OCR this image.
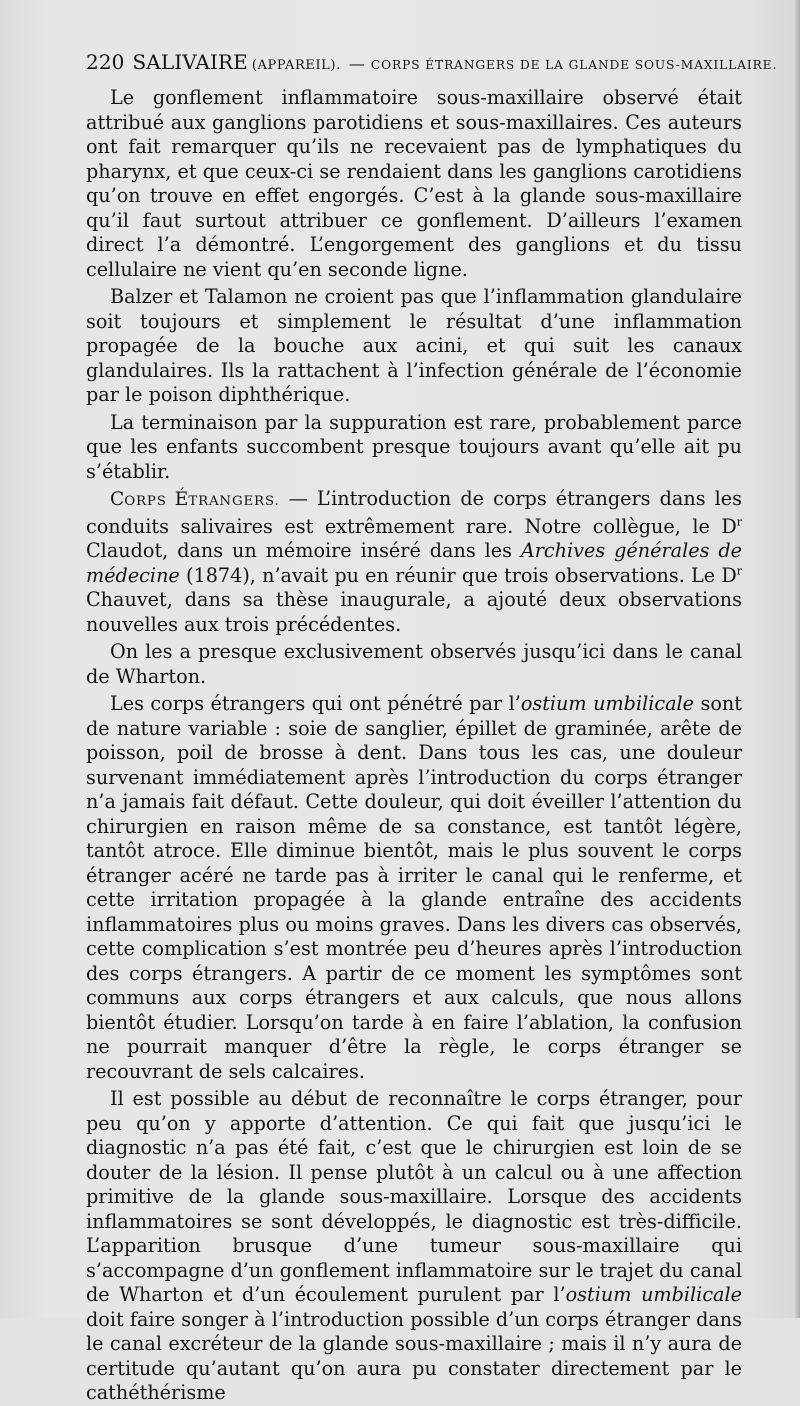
220 SALIVAIRE (APPAREIL). — CORPS ÉTRANGERS DE LA GLANDE SOUS-MAXILLAIRE.

Le gonflement inflammatoire sous-maxillaire observé était attribué aux ganglions parotidiens et sous-maxillaires. Ces auteurs ont fait remarquer qu’ils ne recevaient pas de lymphatiques du pharynx, et que ceux-ci se rendaient dans les ganglions carotidiens qu’on trouve en effet engorgés. C’est à la glande sous-maxillaire qu’il faut surtout attribuer ce gonflement. D’ailleurs l’examen direct l’a démontré. L’engorgement des ganglions et du tissu cellulaire ne vient qu’en seconde ligne.

Balzer et Talamon ne croient pas que l’inflammation glandulaire soit toujours et simplement le résultat d’une inflammation propagée de la bouche aux acini, et qui suit les canaux glandulaires. Ils la rattachent à l’infection générale de l’économie par le poison diphthérique.

La terminaison par la suppuration est rare, probablement parce que les enfants succombent presque toujours avant qu’elle ait pu s’établir.

CORPS ÉTRANGERS. — L’introduction de corps étrangers dans les conduits salivaires est extrêmement rare. Notre collègue, le $D^r$ Claudot, dans un mémoire inséré dans les Archives générales de médecine (1874), n’avait pu en réunir que trois observations. Le $D^r$ Chauvet, dans sa thèse inaugurale, a ajouté deux observations nouvelles aux trois précédentes.

On les a presque exclusivement observés jusqu’ici dans le canal de Wharton.

Les corps étrangers qui ont pénétré par l’ostium umbilicale sont de nature variable : soie de sanglier, épillet de graminée, arête de poisson, poil de brosse à dent. Dans tous les cas, une douleur survenant immédiatement après l’introduction du corps étranger n’a jamais fait défaut. Cette douleur, qui doit éveiller l’attention du chirurgien en raison même de sa constance, est tantôt légère, tantôt atroce. Elle diminue bientôt, mais le plus souvent le corps étranger acéré ne tarde pas à irriter le canal qui le renferme, et cette irritation propagée à la glande entraîne des accidents inflammatoires plus ou moins graves. Dans les divers cas observés, cette complication s’est montrée peu d’heures après l’introduction des corps étrangers. A partir de ce moment les symptômes sont communs aux corps étrangers et aux calculs, que nous allons bientôt étudier. Lorsqu’on tarde à en faire l’ablation, la confusion ne pourrait manquer d’être la règle, le corps étranger se recouvrant de sels calcaires.

Il est possible au début de reconnaître le corps étranger, pour peu qu’on y apporte d’attention. Ce qui fait que jusqu’ici le diagnostic n’a pas été fait, c’est que le chirurgien est loin de se douter de la lésion. Il pense plutôt à un calcul ou à une affection primitive de la glande sous-maxillaire. Lorsque des accidents inflammatoires se sont développés, le diagnostic est très-difficile. L’apparition brusque d’une tumeur sous-maxillaire qui s’accompagne d’un gonflement inflammatoire sur le trajet du canal de Wharton et d’un écoulement purulent par l’ostium umbilicale doit faire songer à l’introduction possible d’un corps étranger dans le canal excréteur de la glande sous-maxillaire ; mais il n’y aura de certitude qu’autant qu’on aura pu constater directement par le cathéthérisme
